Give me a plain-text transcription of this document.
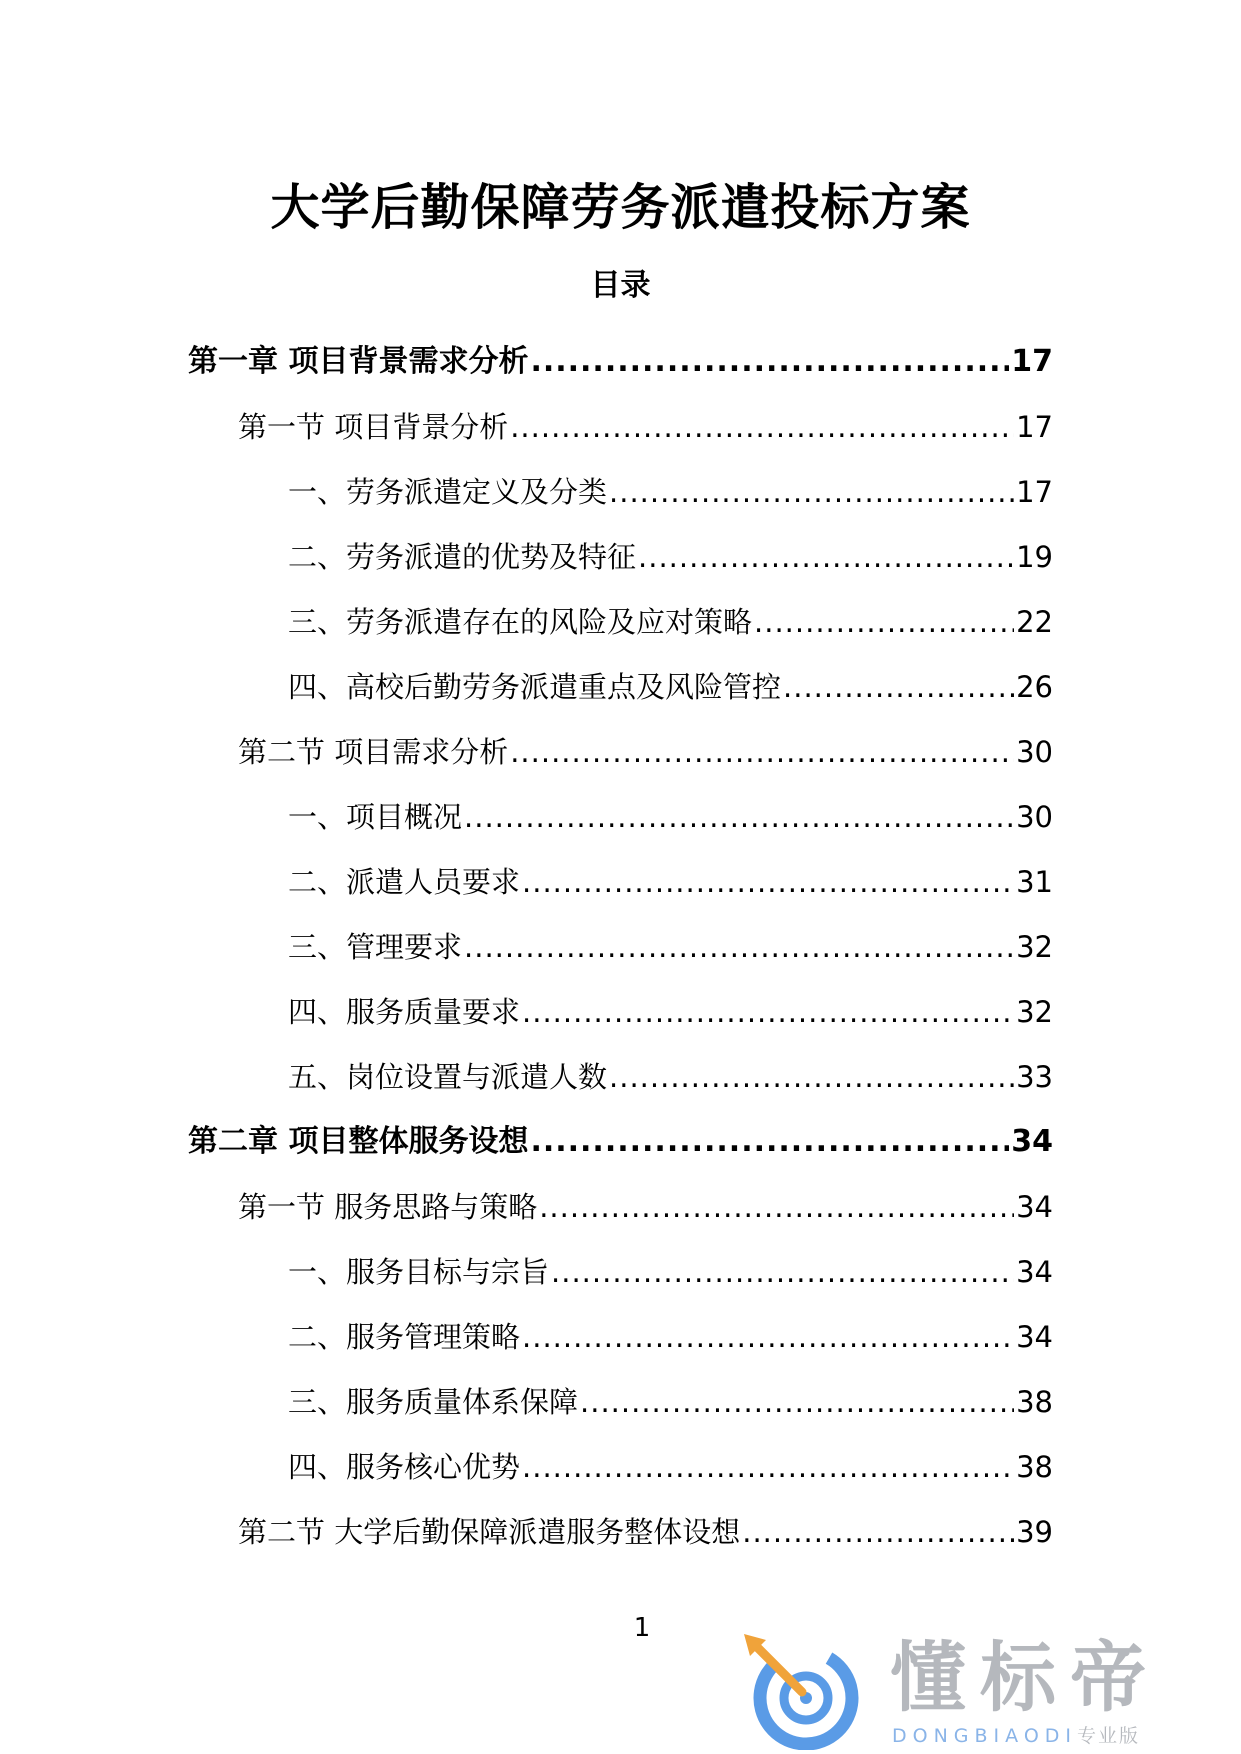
大学后勤保障劳务派遣投标方案
目录
第一章 项目背景需求分析 .....	17
第一节 项目背景分析 .....	17
一、劳务派遣定义及分类 .....	17
二、劳务派遣的优势及特征 .....	19
三、劳务派遣存在的风险及应对策略 .....	22
四、高校后勤劳务派遣重点及风险管控 .....	26
第二节 项目需求分析 .....	30
一、项目概况 .....	30
二、派遣人员要求 .....	31
三、管理要求 .....	32
四、服务质量要求 .....	32
五、岗位设置与派遣人数 .....	33
第二章 项目整体服务设想 .....	34
第一节 服务思路与策略 .....	34
一、服务目标与宗旨 .....	34
二、服务管理策略 .....	34
三、服务质量体系保障 .....	38
四、服务核心优势 .....	38
第二节 大学后勤保障派遣服务整体设想 .....	39
1
懂标帝
DONGBIAODI专业版
